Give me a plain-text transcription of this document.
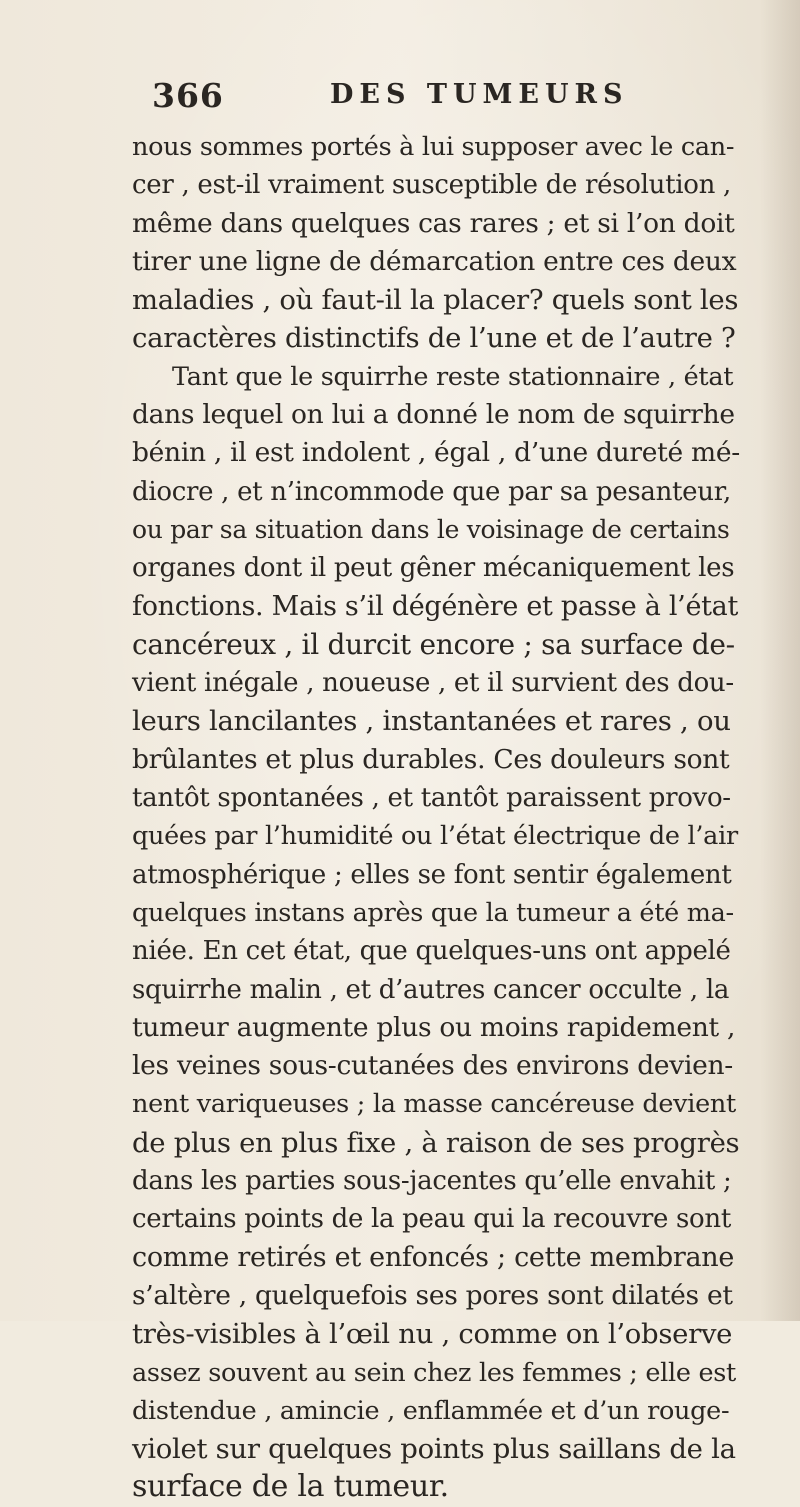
366	DES TUMEURS
nous sommes portés à lui supposer avec le can-
cer , est-il vraiment susceptible de résolution ,
même dans quelques cas rares ; et si l’on doit
tirer une ligne de démarcation entre ces deux
maladies , où faut-il la placer? quels sont les
caractères distinctifs de l’une et de l’autre ?
Tant que le squirrhe reste stationnaire , état
dans lequel on lui a donné le nom de squirrhe
bénin , il est indolent , égal , d’une dureté mé-
diocre , et n’incommode que par sa pesanteur,
ou par sa situation dans le voisinage de certains
organes dont il peut gêner mécaniquement les
fonctions. Mais s’il dégénère et passe à l’état
cancéreux , il durcit encore ; sa surface de-
vient inégale , noueuse , et il survient des dou-
leurs lancilantes , instantanées et rares , ou
brûlantes et plus durables. Ces douleurs sont
tantôt spontanées , et tantôt paraissent provo-
quées par l’humidité ou l’état électrique de l’air
atmosphérique ; elles se font sentir également
quelques instans après que la tumeur a été ma-
niée. En cet état, que quelques-uns ont appelé
squirrhe malin , et d’autres cancer occulte , la
tumeur augmente plus ou moins rapidement ,
les veines sous-cutanées des environs devien-
nent variqueuses ; la masse cancéreuse devient
de plus en plus fixe , à raison de ses progrès
dans les parties sous-jacentes qu’elle envahit ;
certains points de la peau qui la recouvre sont
comme retirés et enfoncés ; cette membrane
s’altère , quelquefois ses pores sont dilatés et
très-visibles à l’œil nu , comme on l’observe
assez souvent au sein chez les femmes ; elle est
distendue , amincie , enflammée et d’un rouge-
violet sur quelques points plus saillans de la
surface de la tumeur.
